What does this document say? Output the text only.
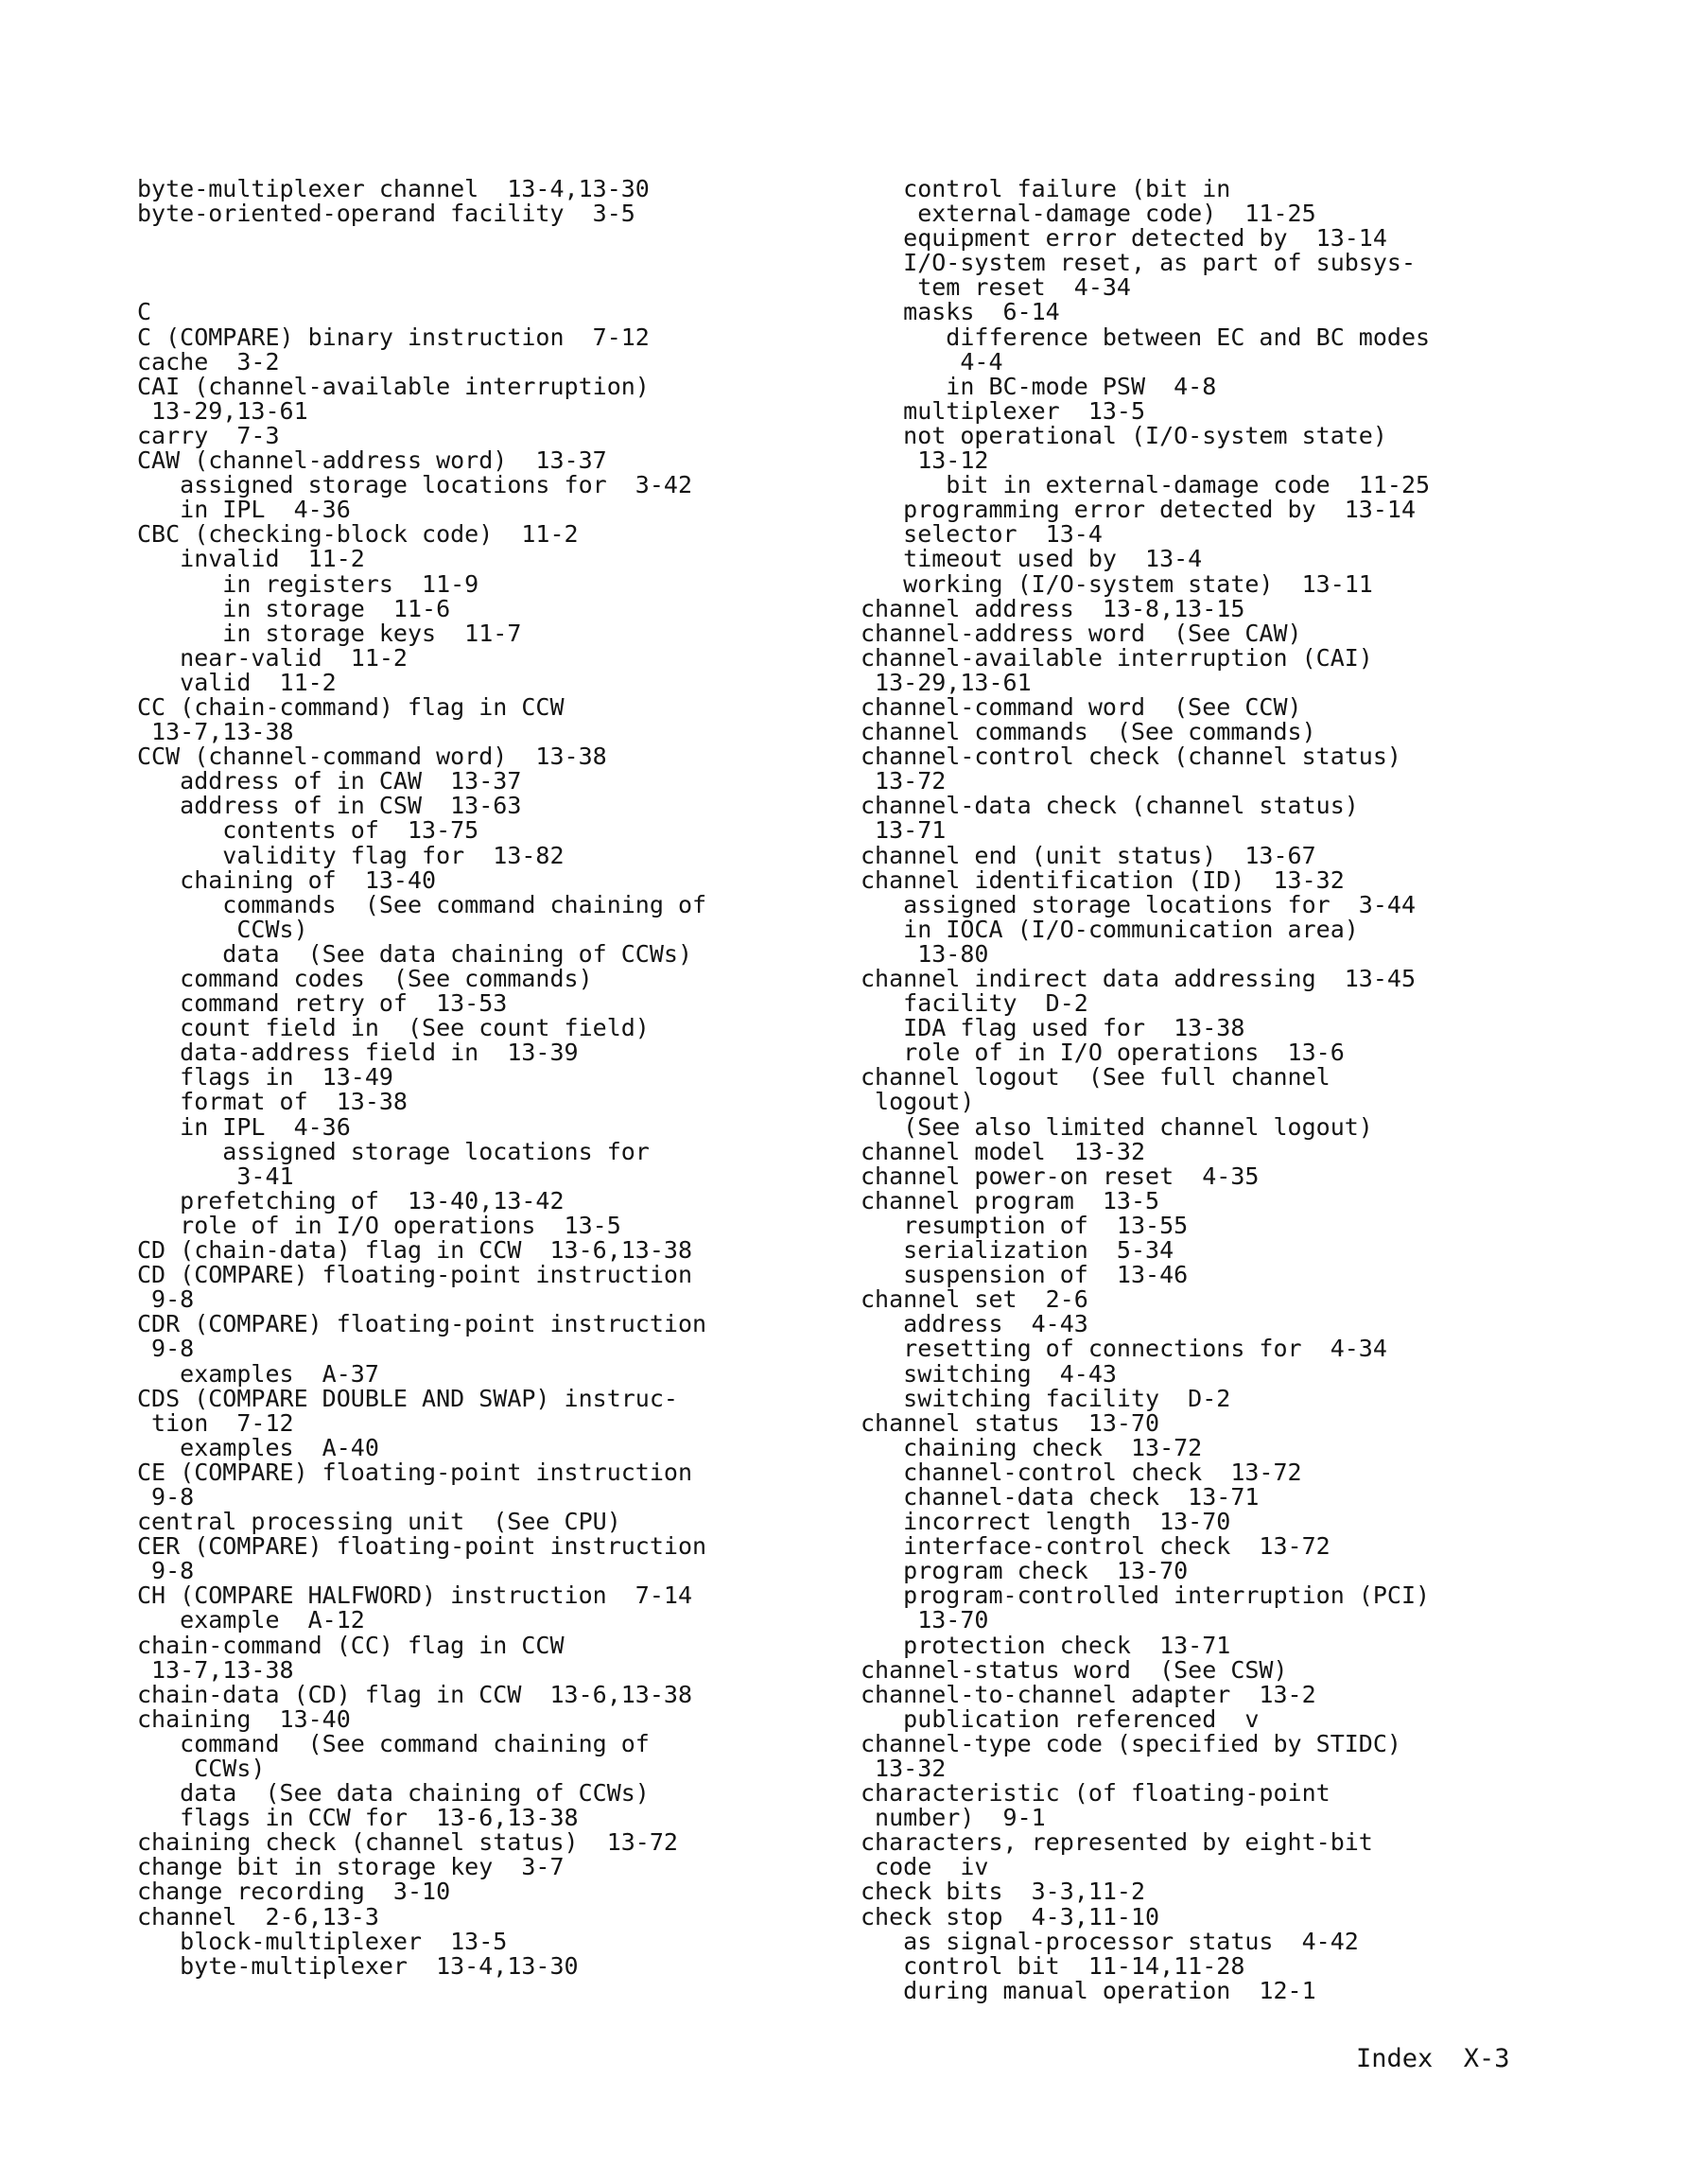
byte-multiplexer channel  13-4,13-30
byte-oriented-operand facility  3-5
C
C (COMPARE) binary instruction  7-12
cache  3-2
CAI (channel-available interruption)
13-29,13-61
carry  7-3
CAW (channel-address word)  13-37
assigned storage locations for  3-42
in IPL  4-36
CBC (checking-block code)  11-2
invalid  11-2
in registers  11-9
in storage  11-6
in storage keys  11-7
near-valid  11-2
valid  11-2
CC (chain-command) flag in CCW
13-7,13-38
CCW (channel-command word)  13-38
address of in CAW  13-37
address of in CSW  13-63
contents of  13-75
validity flag for  13-82
chaining of  13-40
commands  (See command chaining of
CCWs)
data  (See data chaining of CCWs)
command codes  (See commands)
command retry of  13-53
count field in  (See count field)
data-address field in  13-39
flags in  13-49
format of  13-38
in IPL  4-36
assigned storage locations for
3-41
prefetching of  13-40,13-42
role of in I/O operations  13-5
CD (chain-data) flag in CCW  13-6,13-38
CD (COMPARE) floating-point instruction
9-8
CDR (COMPARE) floating-point instruction
9-8
examples  A-37
CDS (COMPARE DOUBLE AND SWAP) instruc-
tion  7-12
examples  A-40
CE (COMPARE) floating-point instruction
9-8
central processing unit  (See CPU)
CER (COMPARE) floating-point instruction
9-8
CH (COMPARE HALFWORD) instruction  7-14
example  A-12
chain-command (CC) flag in CCW
13-7,13-38
chain-data (CD) flag in CCW  13-6,13-38
chaining  13-40
command  (See command chaining of
CCWs)
data  (See data chaining of CCWs)
flags in CCW for  13-6,13-38
chaining check (channel status)  13-72
change bit in storage key  3-7
change recording  3-10
channel  2-6,13-3
block-multiplexer  13-5
byte-multiplexer  13-4,13-30
control failure (bit in
external-damage code)  11-25
equipment error detected by  13-14
I/O-system reset, as part of subsys-
tem reset  4-34
masks  6-14
difference between EC and BC modes
4-4
in BC-mode PSW  4-8
multiplexer  13-5
not operational (I/O-system state)
13-12
bit in external-damage code  11-25
programming error detected by  13-14
selector  13-4
timeout used by  13-4
working (I/O-system state)  13-11
channel address  13-8,13-15
channel-address word  (See CAW)
channel-available interruption (CAI)
13-29,13-61
channel-command word  (See CCW)
channel commands  (See commands)
channel-control check (channel status)
13-72
channel-data check (channel status)
13-71
channel end (unit status)  13-67
channel identification (ID)  13-32
assigned storage locations for  3-44
in IOCA (I/O-communication area)
13-80
channel indirect data addressing  13-45
facility  D-2
IDA flag used for  13-38
role of in I/O operations  13-6
channel logout  (See full channel
logout)
(See also limited channel logout)
channel model  13-32
channel power-on reset  4-35
channel program  13-5
resumption of  13-55
serialization  5-34
suspension of  13-46
channel set  2-6
address  4-43
resetting of connections for  4-34
switching  4-43
switching facility  D-2
channel status  13-70
chaining check  13-72
channel-control check  13-72
channel-data check  13-71
incorrect length  13-70
interface-control check  13-72
program check  13-70
program-controlled interruption (PCI)
13-70
protection check  13-71
channel-status word  (See CSW)
channel-to-channel adapter  13-2
publication referenced  v
channel-type code (specified by STIDC)
13-32
characteristic (of floating-point
number)  9-1
characters, represented by eight-bit
code  iv
check bits  3-3,11-2
check stop  4-3,11-10
as signal-processor status  4-42
control bit  11-14,11-28
during manual operation  12-1
Index  X-3
